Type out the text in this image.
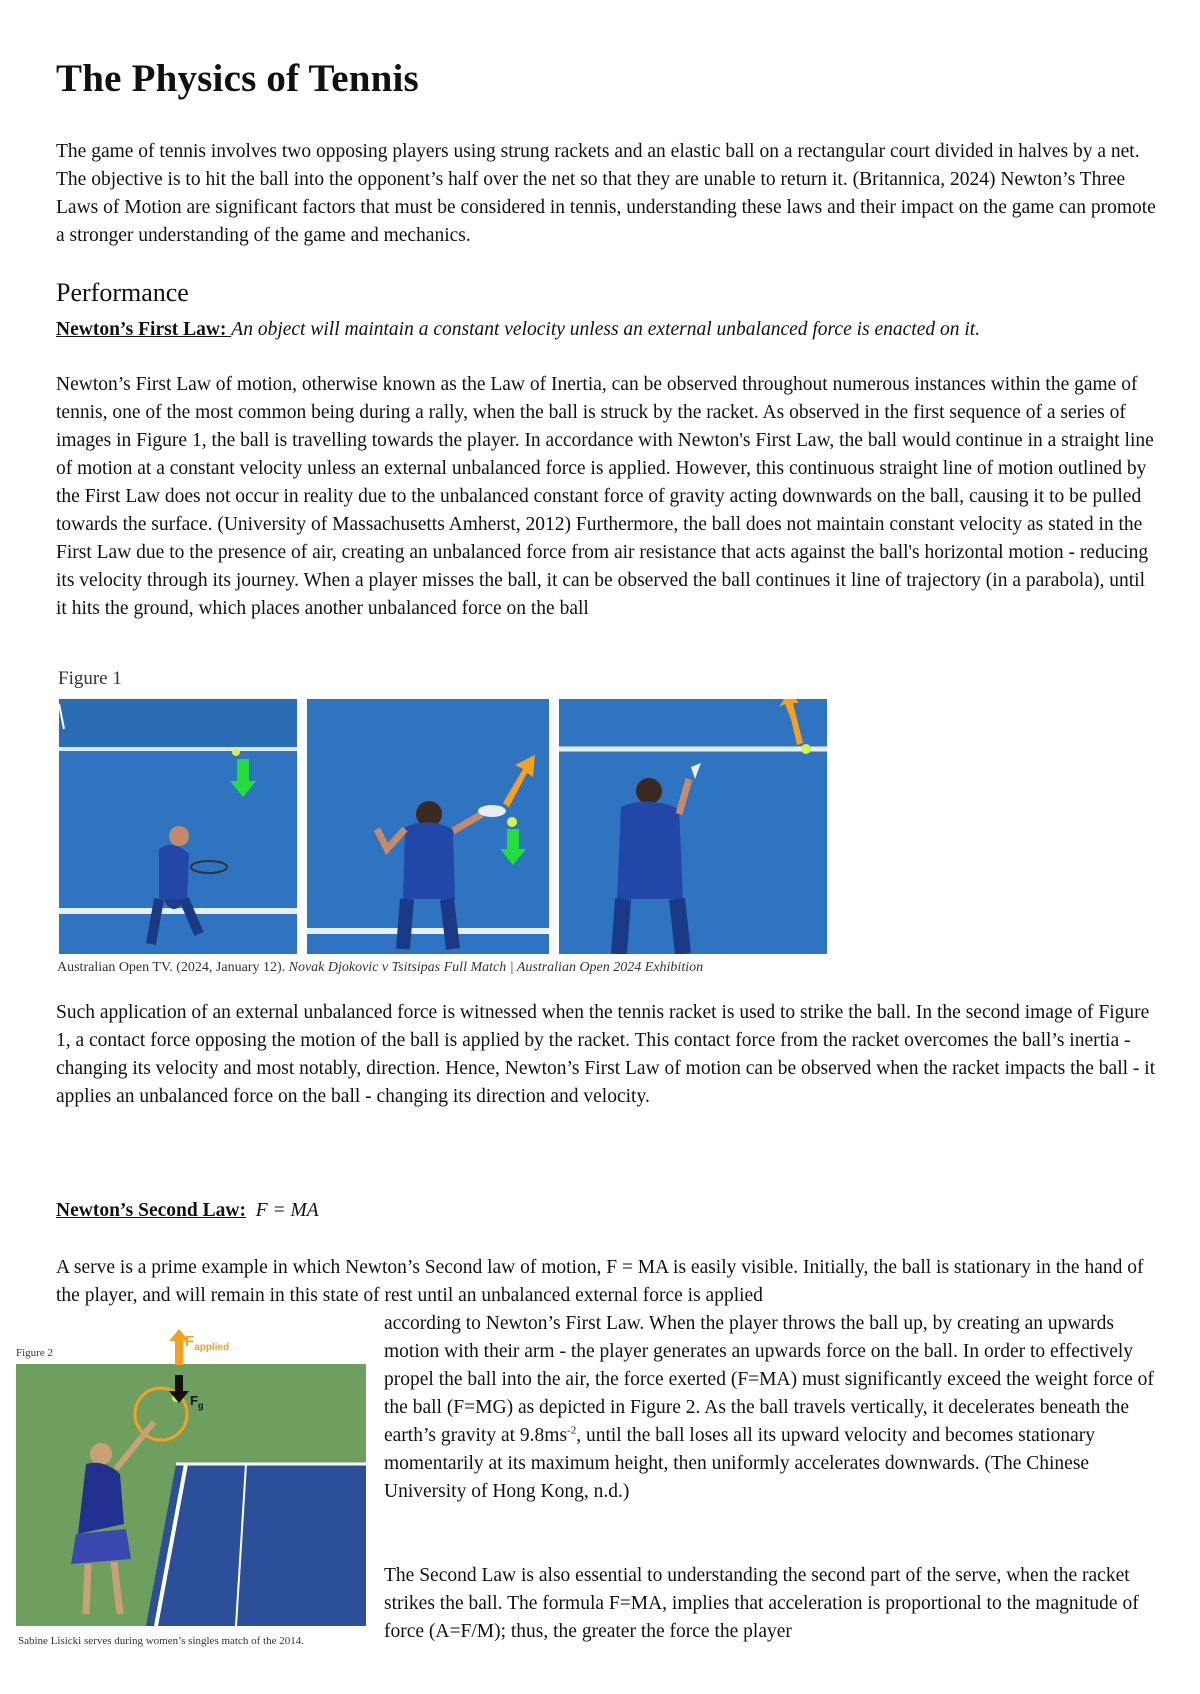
The Physics of Tennis

The game of tennis involves two opposing players using strung rackets and an elastic ball on a rectangular court divided in halves by a net. The objective is to hit the ball into the opponent’s half over the net so that they are unable to return it. (Britannica, 2024) Newton’s Three Laws of Motion are significant factors that must be considered in tennis, understanding these laws and their impact on the game can promote a stronger understanding of the game and mechanics.

Performance
Newton’s First Law: An object will maintain a constant velocity unless an external unbalanced force is enacted on it.

Newton’s First Law of motion, otherwise known as the Law of Inertia, can be observed throughout numerous instances within the game of tennis, one of the most common being during a rally, when the ball is struck by the racket. As observed in the first sequence of a series of images in Figure 1, the ball is travelling towards the player. In accordance with Newton's First Law, the ball would continue in a straight line of motion at a constant velocity unless an external unbalanced force is applied. However, this continuous straight line of motion outlined by the First Law does not occur in reality due to the unbalanced constant force of gravity acting downwards on the ball, causing it to be pulled towards the surface. (University of Massachusetts Amherst, 2012) Furthermore, the ball does not maintain constant velocity as stated in the First Law due to the presence of air, creating an unbalanced force from air resistance that acts against the ball's horizontal motion - reducing its velocity through its journey. When a player misses the ball, it can be observed the ball continues it line of trajectory (in a parabola), until it hits the ground, which places another unbalanced force on the ball

Figure 1
Australian Open TV. (2024, January 12). Novak Djokovic v Tsitsipas Full Match | Australian Open 2024 Exhibition

Such application of an external unbalanced force is witnessed when the tennis racket is used to strike the ball. In the second image of Figure 1, a contact force opposing the motion of the ball is applied by the racket. This contact force from the racket overcomes the ball’s inertia - changing its velocity and most notably, direction. Hence, Newton’s First Law of motion can be observed when the racket impacts the ball - it applies an unbalanced force on the ball - changing its direction and velocity.

Newton’s Second Law: F = MA

A serve is a prime example in which Newton’s Second law of motion, F = MA is easily visible. Initially, the ball is stationary in the hand of the player, and will remain in this state of rest until an unbalanced external force is applied

Figure 2
$F_{applied}$
$F_g$
Sabine Lisicki serves during women’s singles match of the 2014.

according to Newton’s First Law. When the player throws the ball up, by creating an upwards motion with their arm - the player generates an upwards force on the ball. In order to effectively propel the ball into the air, the force exerted (F=MA) must significantly exceed the weight force of the ball (F=MG) as depicted in Figure 2. As the ball travels vertically, it decelerates beneath the earth’s gravity at $9.8ms^{-2}$, until the ball loses all its upward velocity and becomes stationary momentarily at its maximum height, then uniformly accelerates downwards. (The Chinese University of Hong Kong, n.d.)

The Second Law is also essential to understanding the second part of the serve, when the racket strikes the ball. The formula F=MA, implies that acceleration is proportional to the magnitude of force (A=F/M); thus, the greater the force the player
